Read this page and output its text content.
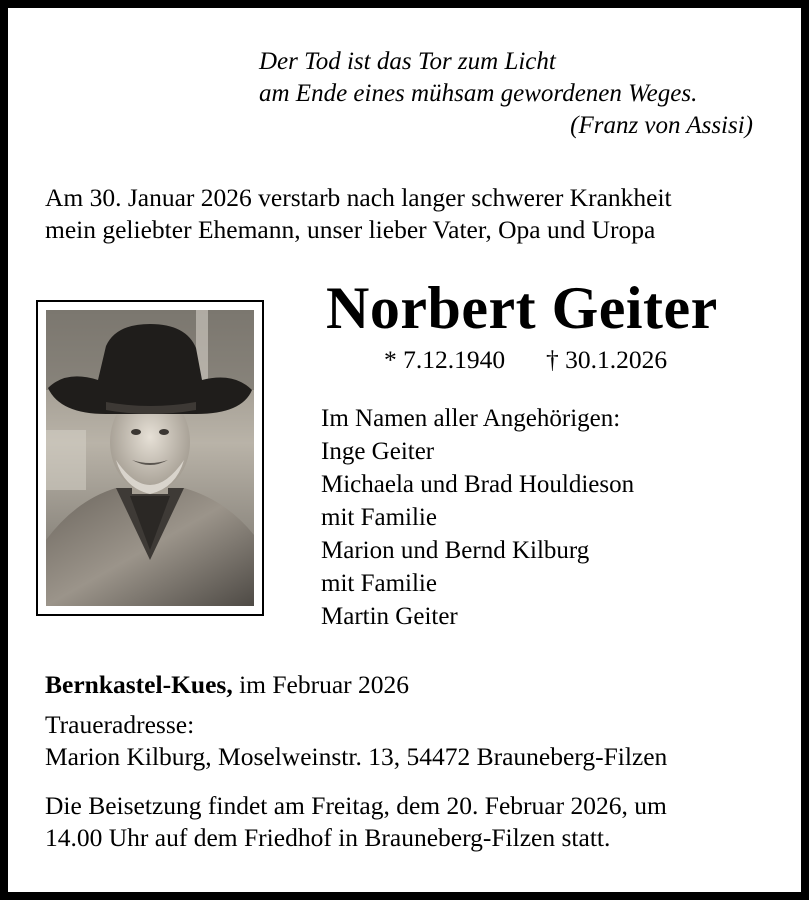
Der Tod ist das Tor zum Licht
am Ende eines mühsam gewordenen Weges.
(Franz von Assisi)
Am 30. Januar 2026 verstarb nach langer schwerer Krankheit
mein geliebter Ehemann, unser lieber Vater, Opa und Uropa
Norbert Geiter
* 7.12.1940 † 30.1.2026
Im Namen aller Angehörigen:
Inge Geiter
Michaela und Brad Houldieson
mit Familie
Marion und Bernd Kilburg
mit Familie
Martin Geiter
Bernkastel-Kues, im Februar 2026
Traueradresse:
Marion Kilburg, Moselweinstr. 13, 54472 Brauneberg-Filzen
Die Beisetzung findet am Freitag, dem 20. Februar 2026, um
14.00 Uhr auf dem Friedhof in Brauneberg-Filzen statt.
